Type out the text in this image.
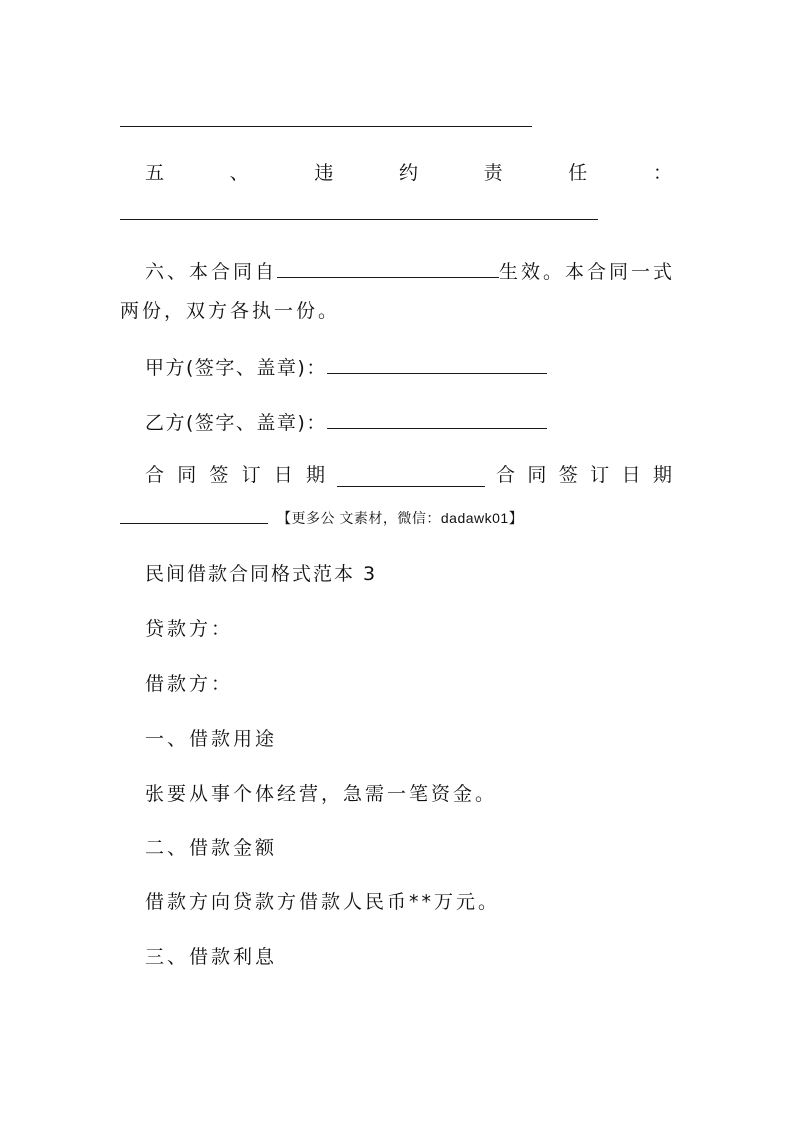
五	、	违	约	责	任	：
六、本合同自	生效。本合同一式
两份，双方各执一份。
甲方(签字、盖章)：
乙方(签字、盖章)：
合 同 签 订 日 期	合 同 签 订 日 期
【更多公 文素材，微信：dadawk01】
民间借款合同格式范本 3
贷款方：
借款方：
一、借款用途
张要从事个体经营，急需一笔资金。
二、借款金额
借款方向贷款方借款人民币**万元。
三、借款利息
